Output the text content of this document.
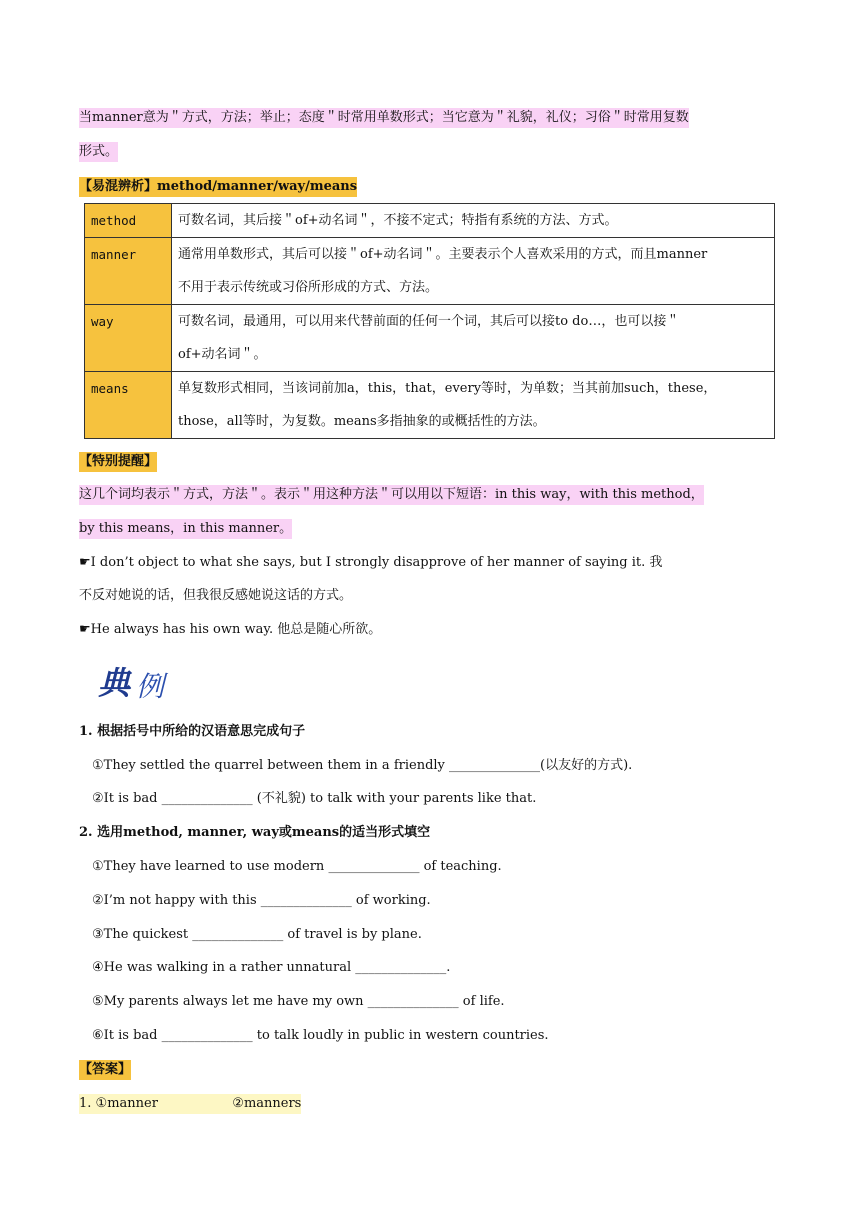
当manner意为＂方式，方法；举止；态度＂时常用单数形式；当它意为＂礼貌，礼仪；习俗＂时常用复数
形式。
【易混辨析】method/manner/way/means
method	可数名词，其后接＂of+动名词＂，不接不定式；特指有系统的方法、方式。

manner	通常用单数形式，其后可以接＂of+动名词＂。主要表示个人喜欢采用的方式，而且manner
不用于表示传统或习俗所形成的方式、方法。

way	可数名词，最通用，可以用来代替前面的任何一个词，其后可以接to do…，也可以接＂
of+动名词＂。

means	单复数形式相同，当该词前加a，this，that，every等时，为单数；当其前加such，these，
those，all等时，为复数。means多指抽象的或概括性的方法。
【特别提醒】
这几个词均表示＂方式，方法＂。表示＂用这种方法＂可以用以下短语：in this way，with this method，
by this means，in this manner。
☛I don’t object to what she says, but I strongly disapprove of her manner of saying it. 我
不反对她说的话，但我很反感她说这话的方式。
☛He always has his own way. 他总是随心所欲。
典 例
1. 根据括号中所给的汉语意思完成句子
①They settled the quarrel between them in a friendly ______________(以友好的方式).
②It is bad ______________ (不礼貌) to talk with your parents like that.
2. 选用method, manner, way或means的适当形式填空
①They have learned to use modern ______________ of teaching.
②I’m not happy with this ______________ of working.
③The quickest ______________ of travel is by plane.
④He was walking in a rather unnatural ______________.
⑤My parents always let me have my own ______________ of life.
⑥It is bad ______________ to talk loudly in public in western countries.
【答案】
1. ①manner                  ②manners
